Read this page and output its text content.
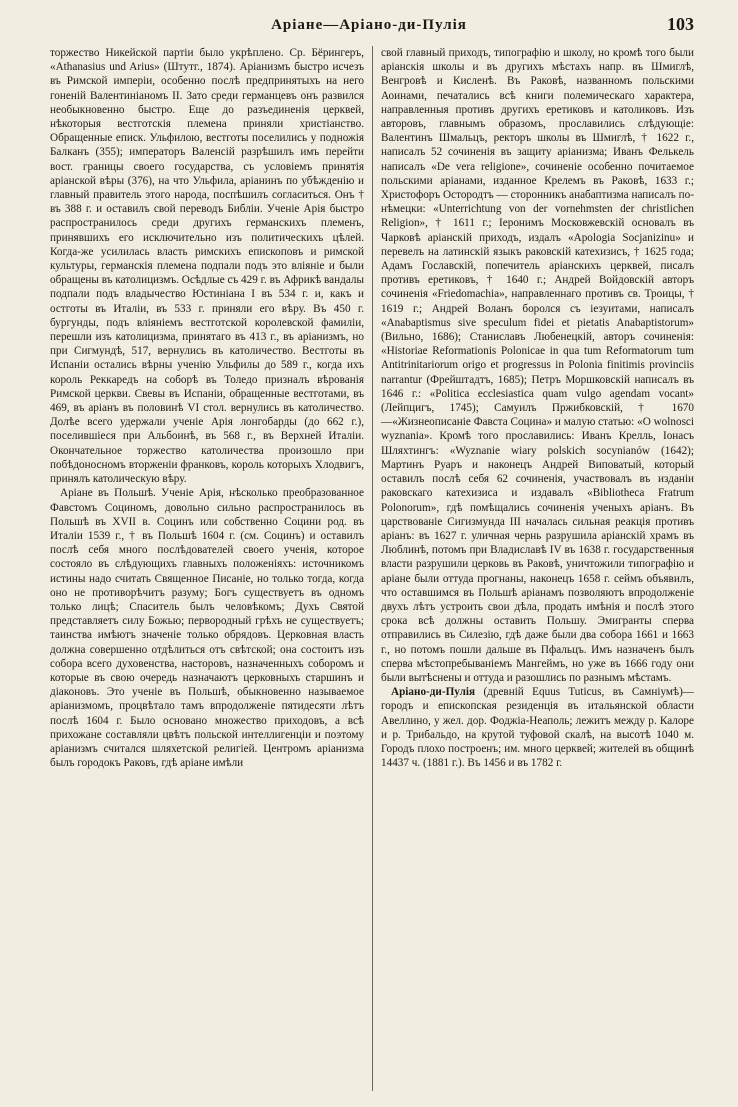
Аріане—Аріано-ди-Пулія	103

торжество Никейской партіи было укрѣплено. Ср. Бёрингеръ, «Athanasius und Arius» (Штутг., 1874). Аріанизмъ быстро исчезъ въ Римской имперіи, особенно послѣ предпринятыхъ на него гоненій Валентиніаномъ II. Зато среди германцевъ онъ развился необыкновенно быстро. Еще до разъединенія церквей, нѣкоторыя вестготскія племена приняли христіанство. Обращенные еписк. Ульфилою, вестготы поселились у подножія Балканъ (355); императоръ Валенсій разрѣшилъ имъ перейти вост. границы своего государства, съ условіемъ принятія аріанской вѣры (376), на что Ульфила, аріанинъ по убѣжденію и главный правитель этого народа, поспѣшилъ согласиться. Онъ † въ 388 г. и оставилъ свой переводъ Библіи. Ученіе Арія быстро распространилось среди другихъ германскихъ племенъ, принявшихъ его исключительно изъ политическихъ цѣлей. Когда-же усилилась власть римскихъ епископовъ и римской культуры, германскія племена подпали подъ это вліяніе и были обращены въ католицизмъ. Осѣдлые съ 429 г. въ Африкѣ вандалы подпали подъ владычество Юстиніана I въ 534 г. и, какъ и остготы въ Италіи, въ 533 г. приняли его вѣру. Въ 450 г. бургунды, подъ вліяніемъ вестготской королевской фамиліи, перешли изъ католицизма, принятаго въ 413 г., въ аріанизмъ, но при Сигмундѣ, 517, вернулись въ католичество. Вестготы въ Испаніи остались вѣрны ученію Ульфилы до 589 г., когда ихъ король Реккаредъ на соборѣ въ Толедо призналъ вѣрованія Римской церкви. Свевы въ Испаніи, обращенные вестготами, въ 469, въ аріанъ въ половинѣ VI стол. вернулись въ католичество. Долѣе всего удержали ученіе Арія лонгобарды (до 662 г.), поселившіеся при Альбоинѣ, въ 568 г., въ Верхней Италіи. Окончательное торжество католичества произошло при побѣдоносномъ вторженіи франковъ, король которыхъ Хлодвигъ, принялъ католическую вѣру.

Аріане въ Польшѣ. Ученіе Арія, нѣсколько преобразованное Фавстомъ Социномъ, довольно сильно распространилось въ Польшѣ въ XVII в. Социнъ или собственно Социни род. въ Италіи 1539 г., † въ Польшѣ 1604 г. (см. Социнъ) и оставилъ послѣ себя много послѣдователей своего ученія, которое состояло въ слѣдующихъ главныхъ положеніяхъ: источникомъ истины надо считать Священное Писаніе, но только тогда, когда оно не противорѣчитъ разуму; Богъ существуетъ въ одномъ только лицѣ; Спаситель былъ человѣкомъ; Духъ Святой представляетъ силу Божью; первородный грѣхъ не существуетъ; таинства имѣютъ значеніе только обрядовъ. Церковная власть должна совершенно отдѣлиться отъ свѣтской; она состоитъ изъ собора всего духовенства, насторовъ, назначенныхъ соборомъ и которые въ свою очередь назначаютъ церковныхъ старшинъ и діаконовъ. Это ученіе въ Польшѣ, обыкновенно называемое аріанизмомъ, процвѣтало тамъ впродолженіе пятидесяти лѣтъ послѣ 1604 г. Было основано множество приходовъ, а всѣ прихожане составляли цвѣтъ польской интеллигенціи и поэтому аріанизмъ считался шляхетской религіей. Центромъ аріанизма былъ городокъ Раковъ, гдѣ аріане имѣли

свой главный приходъ, типографію и школу, но кромѣ того были аріанскія школы и въ другихъ мѣстахъ напр. въ Шмиглѣ, Венгровѣ и Кисленѣ. Въ Раковѣ, названномъ польскими Аоинами, печатались всѣ книги полемическаго характера, направленныя противъ другихъ еретиковъ и католиковъ. Изъ авторовъ, главнымъ образомъ, прославились слѣдующіе: Валентинъ Шмальцъ, ректоръ школы въ Шмиглѣ, † 1622 г., написалъ 52 сочиненія въ защиту аріанизма; Иванъ Фелькель написалъ «De vera religione», сочиненіе особенно почитаемое польскими аріанами, изданное Крелемъ въ Раковѣ, 1633 г.; Христофоръ Остородтъ — сторонникъ анабаптизма написалъ по-нѣмецки: «Unterrichtung von der vornehmsten der christlichen Religion», † 1611 г.; Іеронимъ Московжевскій основалъ въ Чарковѣ аріанскій приходъ, издалъ «Apologia Socjanizinu» и перевелъ на латинскій языкъ раковскій катехизисъ, † 1625 года; Адамъ Гославскій, попечитель аріанскихъ церквей, писалъ противъ еретиковъ, † 1640 г.; Андрей Войдовскій авторъ сочиненія «Friedomachia», направленнаго противъ св. Троицы, † 1619 г.; Андрей Воланъ боролся съ іезуитами, написалъ «Anabaptismus sive speculum fidei et pietatis Anabaptistorum» (Вильно, 1686); Станиславъ Любенецкій, авторъ сочиненія: «Historiae Reformationis Polonicae in qua tum Reformatorum tum Antitrinitariorum origo et progressus in Polonia finitimis provinciis narrantur (Фрейштадтъ, 1685); Петръ Моршковскій написалъ въ 1646 г.: «Politica ecclesiastica quam vulgo agendam vocant» (Лейпцигъ, 1745); Самуилъ Пржибковскій, † 1670—«Жизнеописаніе Фавста Социна» и малую статью: «O wolnosci wyznania». Кромѣ того прославились: Иванъ Крелль, Іонасъ Шляхтингъ: «Wyznanie wiary polskich socynianów (1642); Мартинъ Руаръ и наконецъ Андрей Виповатый, который оставилъ послѣ себя 62 сочиненія, участвовалъ въ изданіи раковскаго катехизиса и издавалъ «Bibliotheca Fratrum Polonorum», гдѣ помѣщались сочиненія ученыхъ аріанъ. Въ царствованіе Сигизмунда III началась сильная реакція противъ аріанъ: въ 1627 г. уличная чернь разрушила аріанскій храмъ въ Люблинѣ, потомъ при Владиславѣ IV въ 1638 г. государственныя власти разрушили церковь въ Раковѣ, уничтожили типографію и аріане были оттуда прогнаны, наконецъ 1658 г. сеймъ объявилъ, что оставшимся въ Польшѣ аріанамъ позволяютъ впродолженіе двухъ лѣтъ устроить свои дѣла, продать имѣнія и послѣ этого срока всѣ должны оставить Польшу. Эмигранты сперва отправились въ Силезію, гдѣ даже были два собора 1661 и 1663 г., но потомъ пошли дальше въ Пфальцъ. Имъ назначенъ былъ сперва мѣстопребываніемъ Мангеймъ, но уже въ 1666 году они были вытѣснены и оттуда и разошлись по разнымъ мѣстамъ.

Аріано-ди-Пулія (древній Equus Tuticus, въ Самніумѣ)—городъ и епископская резиденція въ итальянской области Авеллино, у жел. дор. Фоджіа-Неаполь; лежитъ между р. Калоре и р. Трибальдо, на крутой туфовой скалѣ, на высотѣ 1040 м. Городъ плохо построенъ; им. много церквей; жителей въ общинѣ 14437 ч. (1881 г.). Въ 1456 и въ 1782 г.
